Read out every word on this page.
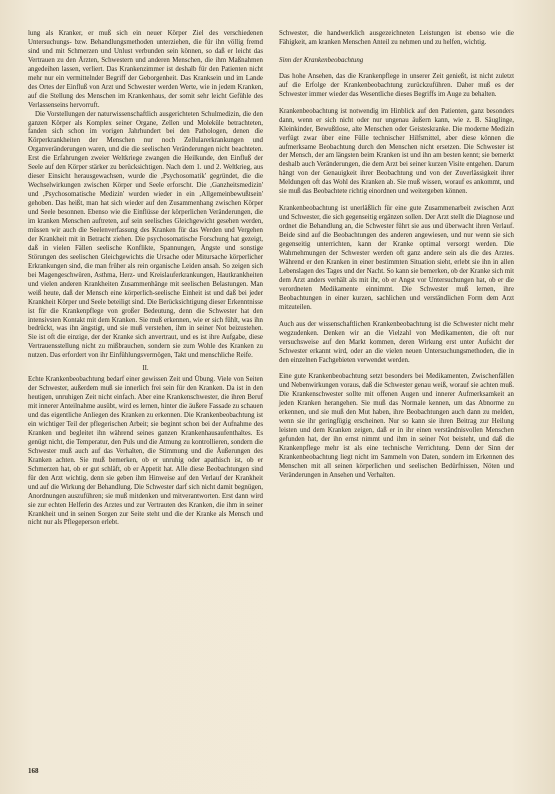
lung als Kranker, er muß sich ein neuer Körper Ziel des verschiedenen Untersuchungs- bzw. Behandlungsmethoden unterziehen, die für ihn völlig fremd sind und mit Schmerzen und Unlust verbunden sein können, so daß er leicht das Vertrauen zu den Ärzten, Schwestern und anderen Menschen, die ihm Maßnahmen angedeihen lassen, verliert. Das Krankenzimmer ist deshalb für den Patienten nicht mehr nur ein vermittelnder Begriff der Geborgenheit. Das Kranksein und im Lande des Ortes der Einfluß von Arzt und Schwester werden Werte, wie in jedem Kranken, auf die Stellung des Menschen im Krankenhaus, der somit sehr leicht Gefühle des Verlassenseins hervorruft.

Die Vorstellungen der naturwissenschaftlich ausgerichteten Schulmedizin, die den ganzen Körper als Komplex seiner Organe, Zellen und Moleküle betrachteten, fanden sich schon im vorigen Jahrhundert bei den Pathologen, denen die Körperkrankheiten der Menschen nur noch Zellularerkrankungen und Organveränderungen waren, und die die seelischen Veränderungen nicht beachteten. Erst die Erfahrungen zweier Weltkriege zwangen die Heilkunde, den Einfluß der Seele auf den Körper stärker zu berücksichtigen. Nach dem 1. und 2. Weltkrieg, aus dieser Einsicht herausgewachsen, wurde die ‚Psychosomatik' gegründet, die die Wechselwirkungen zwischen Körper und Seele erforscht. Die ‚Ganzheitsmedizin' und ‚Psychosomatische Medizin' wurden wieder in ein ‚Allgemeinbewußtsein' gehoben. Das heißt, man hat sich wieder auf den Zusammenhang zwischen Körper und Seele besonnen. Ebenso wie die Einflüsse der körperlichen Veränderungen, die im kranken Menschen auftreten, auf sein seelisches Gleichgewicht gesehen werden, müssen wir auch die Seelenverfassung des Kranken für das Werden und Vergehen der Krankheit mit in Betracht ziehen. Die psychosomatische Forschung hat gezeigt, daß in vielen Fällen seelische Konflikte, Spannungen, Ängste und sonstige Störungen des seelischen Gleichgewichts die Ursache oder Mitursache körperlicher Erkrankungen sind, die man früher als rein organische Leiden ansah. So zeigen sich bei Magengeschwüren, Asthma, Herz- und Kreislauferkrankungen, Hautkrankheiten und vielen anderen Krankheiten Zusammenhänge mit seelischen Belastungen. Man weiß heute, daß der Mensch eine körperlich-seelische Einheit ist und daß bei jeder Krankheit Körper und Seele beteiligt sind. Die Berücksichtigung dieser Erkenntnisse ist für die Krankenpflege von großer Bedeutung, denn die Schwester hat den intensivsten Kontakt mit dem Kranken. Sie muß erkennen, wie er sich fühlt, was ihn bedrückt, was ihn ängstigt, und sie muß verstehen, ihm in seiner Not beizustehen. Sie ist oft die einzige, der der Kranke sich anvertraut, und es ist ihre Aufgabe, diese Vertrauensstellung nicht zu mißbrauchen, sondern sie zum Wohle des Kranken zu nutzen. Das erfordert von ihr Einfühlungsvermögen, Takt und menschliche Reife.

II.

Echte Krankenbeobachtung bedarf einer gewissen Zeit und Übung. Viele von Seiten der Schwester, außerdem muß sie innerlich frei sein für den Kranken. Da ist in den heutigen, unruhigen Zeit nicht einfach. Aber eine Krankenschwester, die ihren Beruf mit innerer Anteilnahme ausübt, wird es lernen, hinter die äußere Fassade zu schauen und das eigentliche Anliegen des Kranken zu erkennen. Die Krankenbeobachtung ist ein wichtiger Teil der pflegerischen Arbeit; sie beginnt schon bei der Aufnahme des Kranken und begleitet ihn während seines ganzen Krankenhausaufenthaltes. Es genügt nicht, die Temperatur, den Puls und die Atmung zu kontrollieren, sondern die Schwester muß auch auf das Verhalten, die Stimmung und die Äußerungen des Kranken achten. Sie muß bemerken, ob er unruhig oder apathisch ist, ob er Schmerzen hat, ob er gut schläft, ob er Appetit hat. Alle diese Beobachtungen sind für den Arzt wichtig, denn sie geben ihm Hinweise auf den Verlauf der Krankheit und auf die Wirkung der Behandlung. Die Schwester darf sich nicht damit begnügen, Anordnungen auszuführen; sie muß mitdenken und mitverantworten. Erst dann wird sie zur echten Helferin des Arztes und zur Vertrauten des Kranken, die ihm in seiner Krankheit und in seinen Sorgen zur Seite steht und die der Kranke als Mensch und nicht nur als Pflegeperson erlebt.

Schwester, die handwerklich ausgezeichneten Leistungen ist ebenso wie die Fähigkeit, am kranken Menschen Anteil zu nehmen und zu helfen, wichtig.

Sinn der Krankenbeobachtung

Das hohe Ansehen, das die Krankenpflege in unserer Zeit genießt, ist nicht zuletzt auf die Erfolge der Krankenbeobachtung zurückzuführen. Daher muß es der Schwester immer wieder das Wesentliche dieses Begriffs im Auge zu behalten.

Krankenbeobachtung ist notwendig im Hinblick auf den Patienten, ganz besonders dann, wenn er sich nicht oder nur ungenau äußern kann, wie z. B. Säuglinge, Kleinkinder, Bewußtlose, alte Menschen oder Geisteskranke. Die moderne Medizin verfügt zwar über eine Fülle technischer Hilfsmittel, aber diese können die aufmerksame Beobachtung durch den Menschen nicht ersetzen. Die Schwester ist der Mensch, der am längsten beim Kranken ist und ihn am besten kennt; sie bemerkt deshalb auch Veränderungen, die dem Arzt bei seiner kurzen Visite entgehen. Darum hängt von der Genauigkeit ihrer Beobachtung und von der Zuverlässigkeit ihrer Meldungen oft das Wohl des Kranken ab. Sie muß wissen, worauf es ankommt, und sie muß das Beobachtete richtig einordnen und weitergeben können.

Krankenbeobachtung ist unerläßlich für eine gute Zusammenarbeit zwischen Arzt und Schwester, die sich gegenseitig ergänzen sollen. Der Arzt stellt die Diagnose und ordnet die Behandlung an, die Schwester führt sie aus und überwacht ihren Verlauf. Beide sind auf die Beobachtungen des anderen angewiesen, und nur wenn sie sich gegenseitig unterrichten, kann der Kranke optimal versorgt werden. Die Wahrnehmungen der Schwester werden oft ganz andere sein als die des Arztes. Während er den Kranken in einer bestimmten Situation sieht, erlebt sie ihn in allen Lebenslagen des Tages und der Nacht. So kann sie bemerken, ob der Kranke sich mit dem Arzt anders verhält als mit ihr, ob er Angst vor Untersuchungen hat, ob er die verordneten Medikamente einnimmt. Die Schwester muß lernen, ihre Beobachtungen in einer kurzen, sachlichen und verständlichen Form dem Arzt mitzuteilen.

Auch aus der wissenschaftlichen Krankenbeobachtung ist die Schwester nicht mehr wegzudenken. Denken wir an die Vielzahl von Medikamenten, die oft nur versuchsweise auf den Markt kommen, deren Wirkung erst unter Aufsicht der Schwester erkannt wird, oder an die vielen neuen Untersuchungsmethoden, die in den einzelnen Fachgebieten verwendet werden.

Eine gute Krankenbeobachtung setzt besonders bei Medikamenten, Zwischenfällen und Nebenwirkungen voraus, daß die Schwester genau weiß, worauf sie achten muß. Die Krankenschwester sollte mit offenen Augen und innerer Aufmerksamkeit an jeden Kranken herangehen. Sie muß das Normale kennen, um das Abnorme zu erkennen, und sie muß den Mut haben, ihre Beobachtungen auch dann zu melden, wenn sie ihr geringfügig erscheinen. Nur so kann sie ihren Beitrag zur Heilung leisten und dem Kranken zeigen, daß er in ihr einen verständnisvollen Menschen gefunden hat, der ihn ernst nimmt und ihm in seiner Not beisteht, und daß die Krankenpflege mehr ist als eine technische Verrichtung. Denn der Sinn der Krankenbeobachtung liegt nicht im Sammeln von Daten, sondern im Erkennen des Menschen mit all seinen körperlichen und seelischen Bedürfnissen, Nöten und Veränderungen in Ansehen und Verhalten.

168
